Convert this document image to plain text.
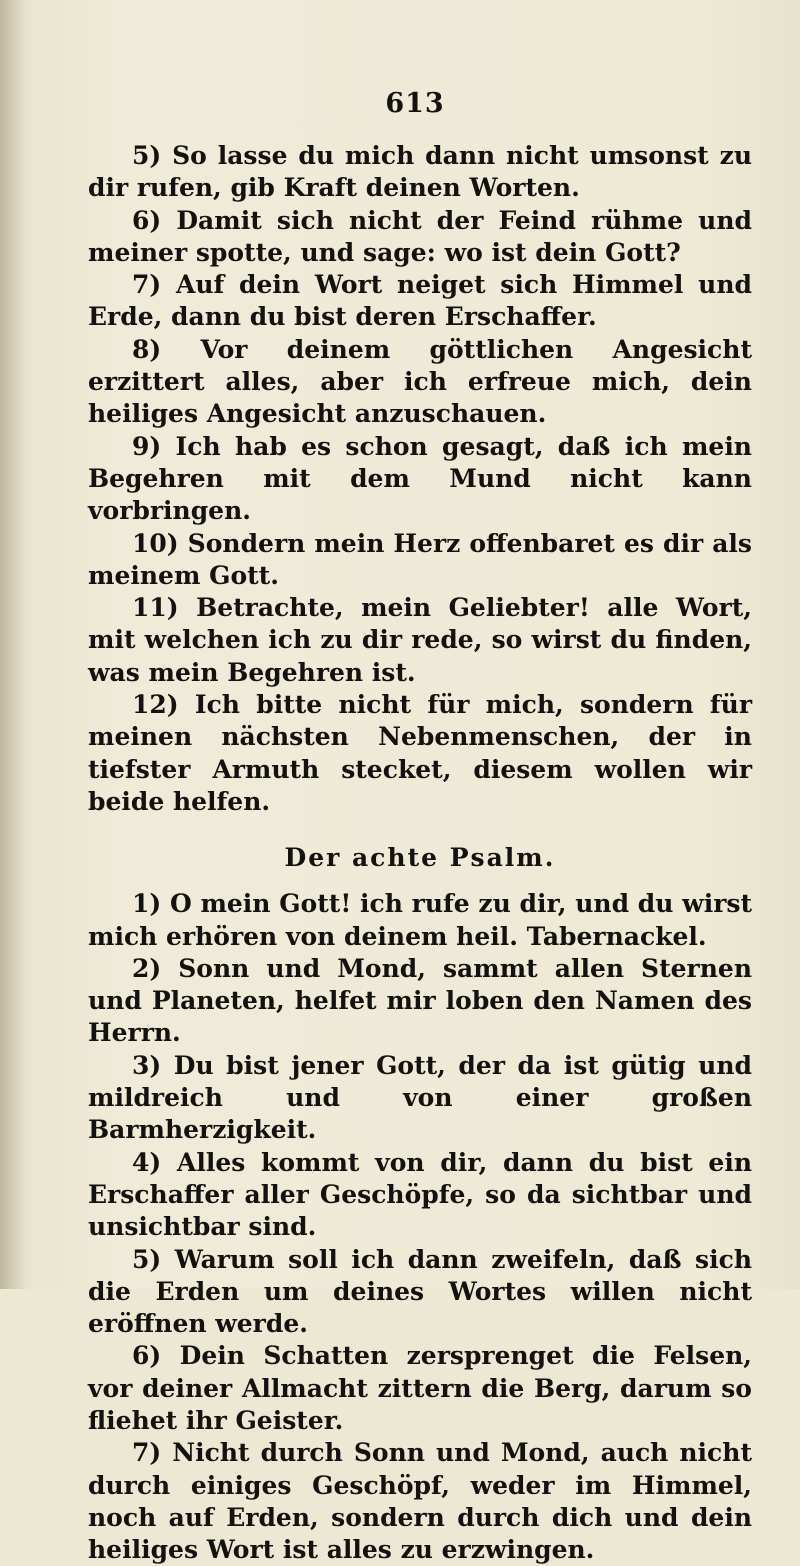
613

5) So lasse du mich dann nicht umsonst zu dir rufen, gib Kraft deinen Worten.

6) Damit sich nicht der Feind rühme und meiner spotte, und sage: wo ist dein Gott?

7) Auf dein Wort neiget sich Himmel und Erde, dann du bist deren Erschaffer.

8) Vor deinem göttlichen Angesicht erzittert alles, aber ich erfreue mich, dein heiliges Angesicht anzuschauen.

9) Ich hab es schon gesagt, daß ich mein Begehren mit dem Mund nicht kann vorbringen.

10) Sondern mein Herz offenbaret es dir als meinem Gott.

11) Betrachte, mein Geliebter! alle Wort, mit welchen ich zu dir rede, so wirst du finden, was mein Begehren ist.

12) Ich bitte nicht für mich, sondern für meinen nächsten Nebenmenschen, der in tiefster Armuth stecket, diesem wollen wir beide helfen.

Der achte Psalm.

1) O mein Gott! ich rufe zu dir, und du wirst mich erhören von deinem heil. Tabernackel.

2) Sonn und Mond, sammt allen Sternen und Planeten, helfet mir loben den Namen des Herrn.

3) Du bist jener Gott, der da ist gütig und mildreich und von einer großen Barmherzigkeit.

4) Alles kommt von dir, dann du bist ein Erschaffer aller Geschöpfe, so da sichtbar und unsichtbar sind.

5) Warum soll ich dann zweifeln, daß sich die Erden um deines Wortes willen nicht eröffnen werde.

6) Dein Schatten zersprenget die Felsen, vor deiner Allmacht zittern die Berg, darum so fliehet ihr Geister.

7) Nicht durch Sonn und Mond, auch nicht durch einiges Geschöpf, weder im Himmel, noch auf Erden, sondern durch dich und dein heiliges Wort ist alles zu erzwingen.
